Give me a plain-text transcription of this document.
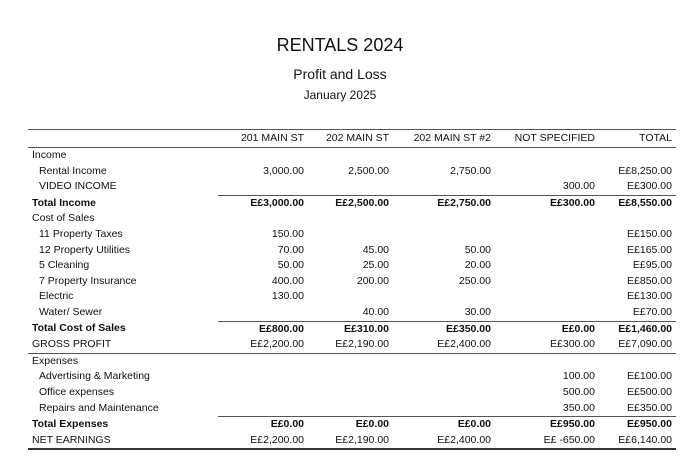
RENTALS 2024
Profit and Loss
January 2025
	201 MAIN ST	202 MAIN ST	202 MAIN ST #2	NOT SPECIFIED	TOTAL
Income					
Rental Income	3,000.00	2,500.00	2,750.00		E£8,250.00
VIDEO INCOME				300.00	E£300.00
Total Income	E£3,000.00	E£2,500.00	E£2,750.00	E£300.00	E£8,550.00
Cost of Sales					
11 Property Taxes	150.00				E£150.00
12 Property Utilities	70.00	45.00	50.00		E£165.00
5 Cleaning	50.00	25.00	20.00		E£95.00
7 Property Insurance	400.00	200.00	250.00		E£850.00
Electric	130.00				E£130.00
Water/ Sewer		40.00	30.00		E£70.00
Total Cost of Sales	E£800.00	E£310.00	E£350.00	E£0.00	E£1,460.00
GROSS PROFIT	E£2,200.00	E£2,190.00	E£2,400.00	E£300.00	E£7,090.00
Expenses					
Advertising & Marketing				100.00	E£100.00
Office expenses				500.00	E£500.00
Repairs and Maintenance				350.00	E£350.00
Total Expenses	E£0.00	E£0.00	E£0.00	E£950.00	E£950.00
NET EARNINGS	E£2,200.00	E£2,190.00	E£2,400.00	E£ -650.00	E£6,140.00
